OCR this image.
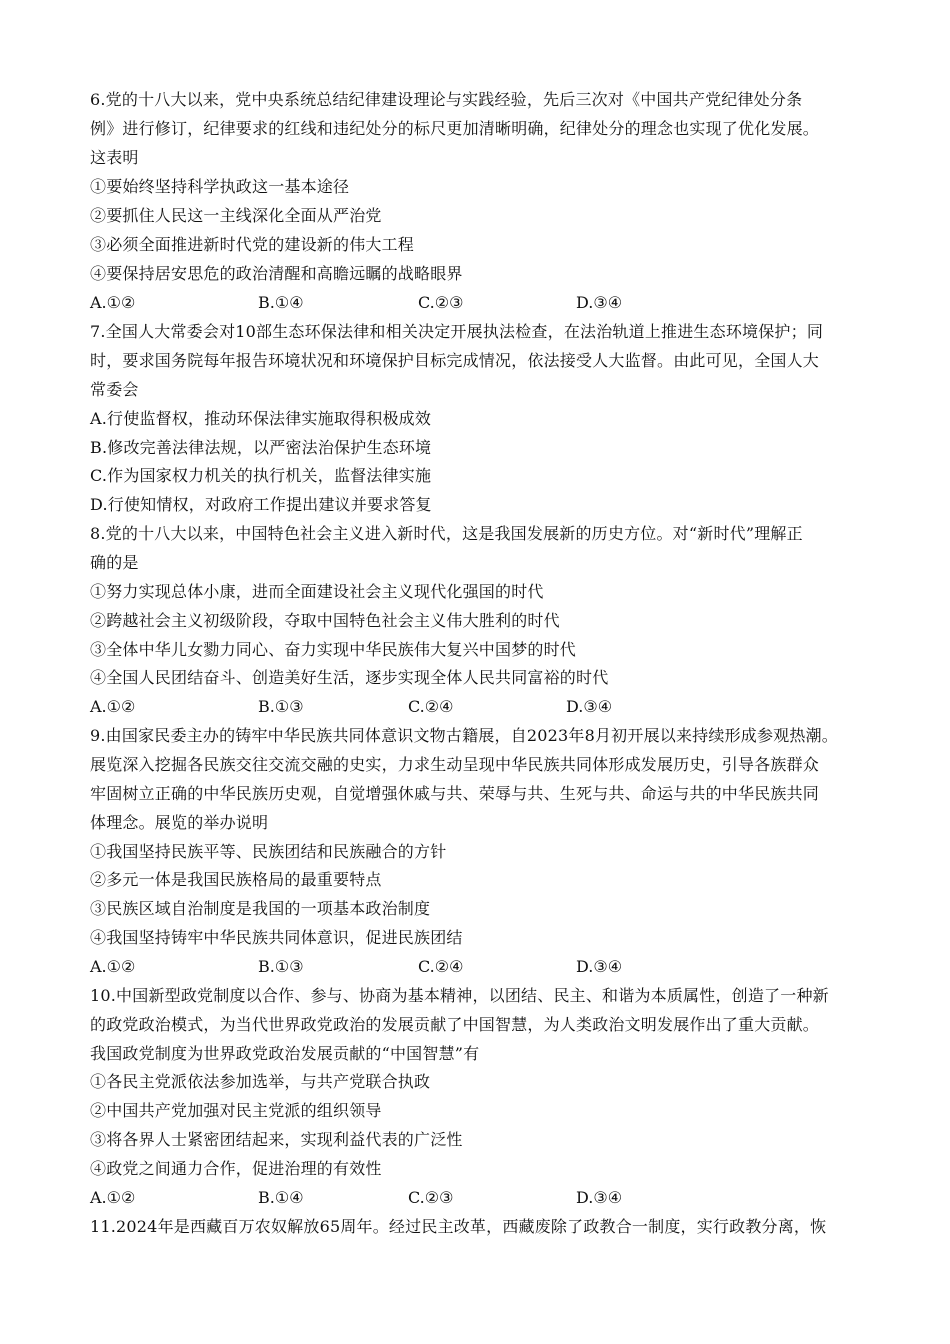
6.党的十八大以来，党中央系统总结纪律建设理论与实践经验，先后三次对《中国共产党纪律处分条
例》进行修订，纪律要求的红线和违纪处分的标尺更加清晰明确，纪律处分的理念也实现了优化发展。
这表明
①要始终坚持科学执政这一基本途径
②要抓住人民这一主线深化全面从严治党
③必须全面推进新时代党的建设新的伟大工程
④要保持居安思危的政治清醒和高瞻远瞩的战略眼界
A.①②	B.①④	C.②③	D.③④
7.全国人大常委会对10部生态环保法律和相关决定开展执法检查，在法治轨道上推进生态环境保护；同
时，要求国务院每年报告环境状况和环境保护目标完成情况，依法接受人大监督。由此可见，全国人大
常委会
A.行使监督权，推动环保法律实施取得积极成效
B.修改完善法律法规，以严密法治保护生态环境
C.作为国家权力机关的执行机关，监督法律实施
D.行使知情权，对政府工作提出建议并要求答复
8.党的十八大以来，中国特色社会主义进入新时代，这是我国发展新的历史方位。对“新时代”理解正
确的是
①努力实现总体小康，进而全面建设社会主义现代化强国的时代
②跨越社会主义初级阶段，夺取中国特色社会主义伟大胜利的时代
③全体中华儿女勠力同心、奋力实现中华民族伟大复兴中国梦的时代
④全国人民团结奋斗、创造美好生活，逐步实现全体人民共同富裕的时代
A.①②	B.①③	C.②④	D.③④
9.由国家民委主办的铸牢中华民族共同体意识文物古籍展，自2023年8月初开展以来持续形成参观热潮。
展览深入挖掘各民族交往交流交融的史实，力求生动呈现中华民族共同体形成发展历史，引导各族群众
牢固树立正确的中华民族历史观，自觉增强休戚与共、荣辱与共、生死与共、命运与共的中华民族共同
体理念。展览的举办说明
①我国坚持民族平等、民族团结和民族融合的方针
②多元一体是我国民族格局的最重要特点
③民族区域自治制度是我国的一项基本政治制度
④我国坚持铸牢中华民族共同体意识，促进民族团结
A.①②	B.①③	C.②④	D.③④
10.中国新型政党制度以合作、参与、协商为基本精神，以团结、民主、和谐为本质属性，创造了一种新
的政党政治模式，为当代世界政党政治的发展贡献了中国智慧，为人类政治文明发展作出了重大贡献。
我国政党制度为世界政党政治发展贡献的“中国智慧”有
①各民主党派依法参加选举，与共产党联合执政
②中国共产党加强对民主党派的组织领导
③将各界人士紧密团结起来，实现利益代表的广泛性
④政党之间通力合作，促进治理的有效性
A.①②	B.①④	C.②③	D.③④
11.2024年是西藏百万农奴解放65周年。经过民主改革，西藏废除了政教合一制度，实行政教分离，恢
